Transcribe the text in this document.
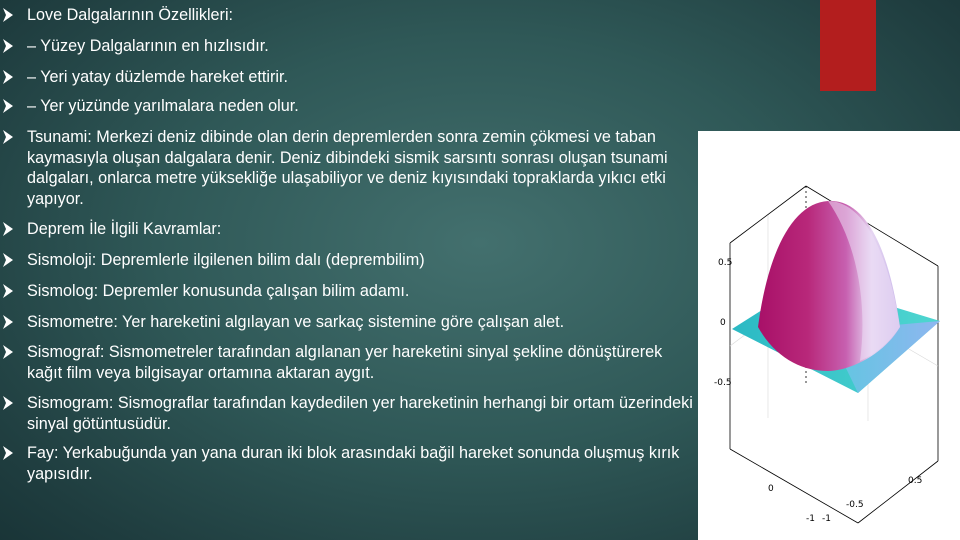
Love Dalgalarının Özellikleri:
– Yüzey Dalgalarının en hızlısıdır.
– Yeri yatay düzlemde hareket ettirir.
– Yer yüzünde yarılmalara neden olur.
Tsunami: Merkezi deniz dibinde olan derin depremlerden sonra zemin çökmesi ve taban kaymasıyla oluşan dalgalara denir. Deniz dibindeki sismik sarsıntı sonrası oluşan tsunami dalgaları, onlarca metre yüksekliğe ulaşabiliyor ve deniz kıyısındaki topraklarda yıkıcı etki yapıyor.
Deprem İle İlgili Kavramlar:
Sismoloji: Depremlerle ilgilenen bilim dalı (deprembilim)
Sismolog: Depremler konusunda çalışan bilim adamı.
Sismometre: Yer hareketini algılayan ve sarkaç sistemine göre çalışan alet.
Sismograf: Sismometreler tarafından algılanan yer hareketini sinyal şekline dönüştürerek kağıt film veya bilgisayar ortamına aktaran aygıt.
Sismogram: Sismograflar tarafından kaydedilen yer hareketinin herhangi bir ortam üzerindeki sinyal götüntusüdür.
Fay: Yerkabuğunda yan yana duran iki blok arasındaki bağil hareket sonunda oluşmuş kırık yapısıdır.
0.5
0
-0.5
0
0.5
-1 -1
-0.5
